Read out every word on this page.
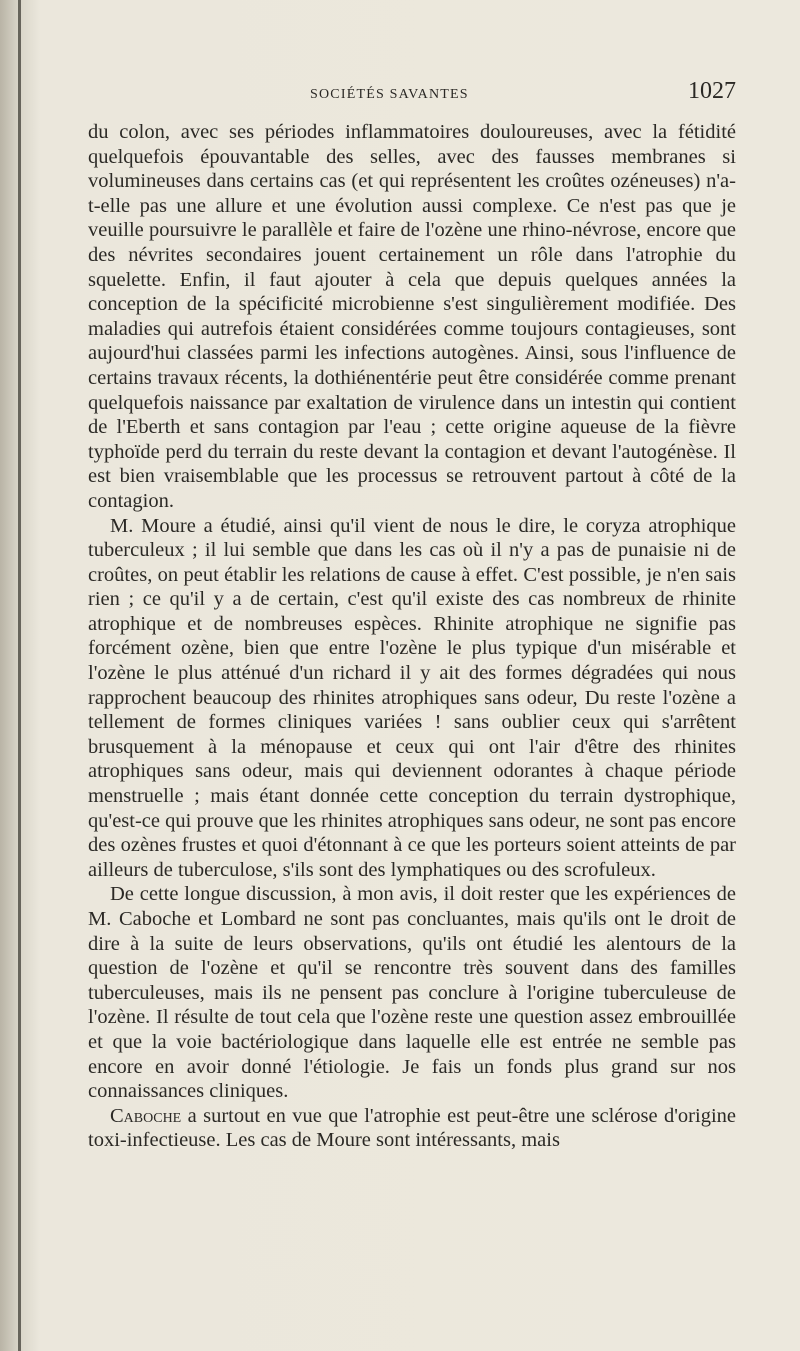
SOCIÉTÉS SAVANTES	1027

du colon, avec ses périodes inflammatoires douloureuses, avec la fétidité quelquefois épouvantable des selles, avec des fausses membranes si volumineuses dans certains cas (et qui représentent les croûtes ozéneuses) n'a-t-elle pas une allure et une évolution aussi complexe. Ce n'est pas que je veuille poursuivre le parallèle et faire de l'ozène une rhino-névrose, encore que des névrites secondaires jouent certainement un rôle dans l'atrophie du squelette. Enfin, il faut ajouter à cela que depuis quelques années la conception de la spécificité microbienne s'est singulièrement modifiée. Des maladies qui autrefois étaient considérées comme toujours contagieuses, sont aujourd'hui classées parmi les infections autogènes. Ainsi, sous l'influence de certains travaux récents, la dothiénentérie peut être considérée comme prenant quelquefois naissance par exaltation de virulence dans un intestin qui contient de l'Eberth et sans contagion par l'eau ; cette origine aqueuse de la fièvre typhoïde perd du terrain du reste devant la contagion et devant l'autogénèse. Il est bien vraisemblable que les processus se retrouvent partout à côté de la contagion.

M. Moure a étudié, ainsi qu'il vient de nous le dire, le coryza atrophique tuberculeux ; il lui semble que dans les cas où il n'y a pas de punaisie ni de croûtes, on peut établir les relations de cause à effet. C'est possible, je n'en sais rien ; ce qu'il y a de certain, c'est qu'il existe des cas nombreux de rhinite atrophique et de nombreuses espèces. Rhinite atrophique ne signifie pas forcément ozène, bien que entre l'ozène le plus typique d'un misérable et l'ozène le plus atténué d'un richard il y ait des formes dégradées qui nous rapprochent beaucoup des rhinites atrophiques sans odeur, Du reste l'ozène a tellement de formes cliniques variées ! sans oublier ceux qui s'arrêtent brusquement à la ménopause et ceux qui ont l'air d'être des rhinites atrophiques sans odeur, mais qui deviennent odorantes à chaque période menstruelle ; mais étant donnée cette conception du terrain dystrophique, qu'est-ce qui prouve que les rhinites atrophiques sans odeur, ne sont pas encore des ozènes frustes et quoi d'étonnant à ce que les porteurs soient atteints de par ailleurs de tuberculose, s'ils sont des lymphatiques ou des scrofuleux.

De cette longue discussion, à mon avis, il doit rester que les expériences de M. Caboche et Lombard ne sont pas concluantes, mais qu'ils ont le droit de dire à la suite de leurs observations, qu'ils ont étudié les alentours de la question de l'ozène et qu'il se rencontre très souvent dans des familles tuberculeuses, mais ils ne pensent pas conclure à l'origine tuberculeuse de l'ozène. Il résulte de tout cela que l'ozène reste une question assez embrouillée et que la voie bactériologique dans laquelle elle est entrée ne semble pas encore en avoir donné l'étiologie. Je fais un fonds plus grand sur nos connaissances cliniques.

Caboche a surtout en vue que l'atrophie est peut-être une sclérose d'origine toxi-infectieuse. Les cas de Moure sont intéressants, mais
